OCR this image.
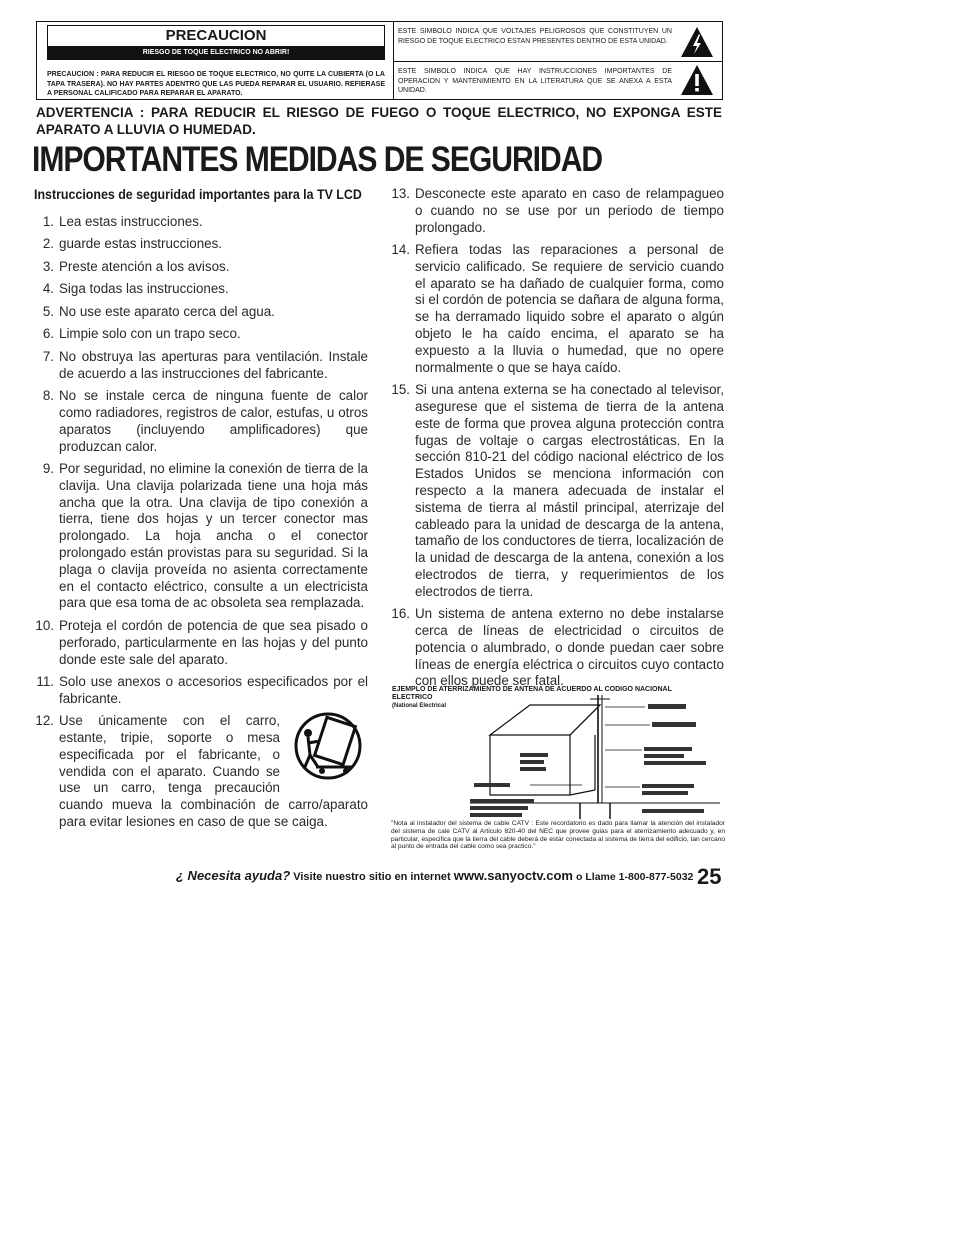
PRECAUCION
RIESGO DE TOQUE ELECTRICO NO ABRIR!
PRECAUCION : PARA REDUCIR EL RIESGO DE TOQUE ELECTRICO, NO QUITE LA CUBIERTA (O LA TAPA TRASERA). NO HAY PARTES ADENTRO QUE LAS PUEDA REPARAR EL USUARIO. REFIERASE A PERSONAL CALIFICADO PARA REPARAR EL APARATO.
ESTE SIMBOLO INDICA QUE VOLTAJES PELIGROSOS QUE CONSTITUYEN UN RIESGO DE TOQUE ELECTRICO ESTAN PRESENTES DENTRO DE ESTA UNIDAD.
ESTE SIMBOLO INDICA QUE HAY INSTRUCCIONES IMPORTANTES DE OPERACION Y MANTENIMIENTO EN LA LITERATURA QUE SE ANEXA A ESTA UNIDAD.
ADVERTENCIA : PARA REDUCIR EL RIESGO DE FUEGO O TOQUE ELECTRICO, NO EXPONGA ESTE APARATO A LLUVIA O HUMEDAD.
IMPORTANTES MEDIDAS DE SEGURIDAD
Instrucciones de seguridad importantes para la TV LCD
1. Lea estas instrucciones.
2. guarde estas instrucciones.
3. Preste atención a los avisos.
4. Siga todas las instrucciones.
5. No use este aparato cerca del agua.
6. Limpie solo con un trapo seco.
7. No obstruya las aperturas para ventilación. Instale de acuerdo a las instrucciones del fabricante.
8. No se instale cerca de ninguna fuente de calor como radiadores, registros de calor, estufas, u otros aparatos (incluyendo amplificadores) que produzcan calor.
9. Por seguridad, no elimine la conexión de tierra de la clavija. Una clavija polarizada tiene una hoja más ancha que la otra. Una clavija de tipo conexión a tierra, tiene dos hojas y un tercer conector mas prolongado. La hoja ancha o el conector prolongado están provistas para su seguridad. Si la plaga o clavija proveída no asienta correctamente en el contacto eléctrico, consulte a un electricista para que esa toma de ac obsoleta sea remplazada.
10. Proteja el cordón de potencia de que sea pisado o perforado, particularmente en las hojas y del punto donde este sale del aparato.
11. Solo use anexos o accesorios especificados por el fabricante.
12. Use únicamente con el carro, estante, tripie, soporte o mesa especificada por el fabricante, o vendida con el aparato. Cuando se use un carro, tenga precaución cuando mueva la combinación de carro/aparato para evitar lesiones en caso de que se caiga.
13. Desconecte este aparato en caso de relampagueo o cuando no se use por un periodo de tiempo prolongado.
14. Refiera todas las reparaciones a personal de servicio calificado. Se requiere de servicio cuando el aparato se ha dañado de cualquier forma, como si el cordón de potencia se dañara de alguna forma, se ha derramado liquido sobre el aparato o algún objeto le ha caído encima, el aparato se ha expuesto a la lluvia o humedad, que no opere normalmente o que se haya caído.
15. Si una antena externa se ha conectado al televisor, asegurese que el sistema de tierra de la antena este de forma que provea alguna protección contra fugas de voltaje o cargas electrostáticas. En la sección 810-21 del código nacional eléctrico de los Estados Unidos se menciona información con respecto a la manera adecuada de instalar el sistema de tierra al mástil principal, aterrizaje del cableado para la unidad de descarga de la antena, tamaño de los conductores de tierra, localización de la unidad de descarga de la antena, conexión a los electrodos de tierra, y requerimientos de los electrodos de tierra.
16. Un sistema de antena externo no debe instalarse cerca de líneas de electricidad o circuitos de potencia o alumbrado, o donde puedan caer sobre líneas de energía eléctrica o circuitos cuyo contacto con ellos puede ser fatal.
EJEMPLO DE ATERRIZAMIENTO DE ANTENA DE ACUERDO AL CODIGO NACIONAL ELECTRICO
(National Electrical
"Nota al instalador del sistema de cable CATV : Este recordatorio es dado para llamar la atención del instalador del sistema de cale CATV al Articulo 820-40 del NEC que provee guias para el aterrizamiento adecuado y, en particular, especifica que la tierra del cable deberá de estar conectada al sistema de tierra del edificio, tan cercano al punto de entrada del cable como sea practico."
¿ Necesita ayuda? Visite nuestro sitio en internet www.sanyoctv.com o Llame 1-800-877-5032 25
